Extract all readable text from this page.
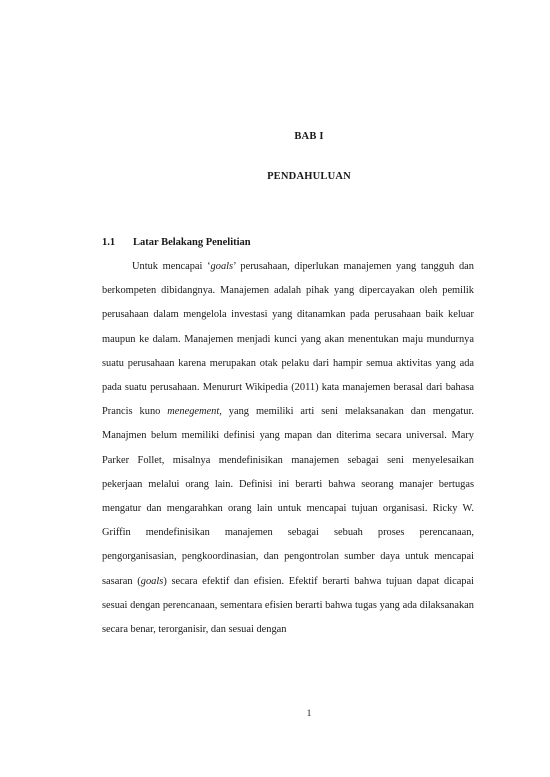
BAB I
PENDAHULUAN
1.1 Latar Belakang Penelitian

Untuk mencapai ‘goals’ perusahaan, diperlukan manajemen yang tangguh dan berkompeten dibidangnya. Manajemen adalah pihak yang dipercayakan oleh pemilik perusahaan dalam mengelola investasi yang ditanamkan pada perusahaan baik keluar maupun ke dalam. Manajemen menjadi kunci yang akan menentukan maju mundurnya suatu perusahaan karena merupakan otak pelaku dari hampir semua aktivitas yang ada pada suatu perusahaan. Menururt Wikipedia (2011) kata manajemen berasal dari bahasa Prancis kuno menegement, yang memiliki arti seni melaksanakan dan mengatur. Manajmen belum memiliki definisi yang mapan dan diterima secara universal. Mary Parker Follet, misalnya mendefinisikan manajemen sebagai seni menyelesaikan pekerjaan melalui orang lain. Definisi ini berarti bahwa seorang manajer bertugas mengatur dan mengarahkan orang lain untuk mencapai tujuan organisasi. Ricky W. Griffin mendefinisikan manajemen sebagai sebuah proses perencanaan, pengorganisasian, pengkoordinasian, dan pengontrolan sumber daya untuk mencapai sasaran (goals) secara efektif dan efisien. Efektif berarti bahwa tujuan dapat dicapai sesuai dengan perencanaan, sementara efisien berarti bahwa tugas yang ada dilaksanakan secara benar, terorganisir, dan sesuai dengan

1
